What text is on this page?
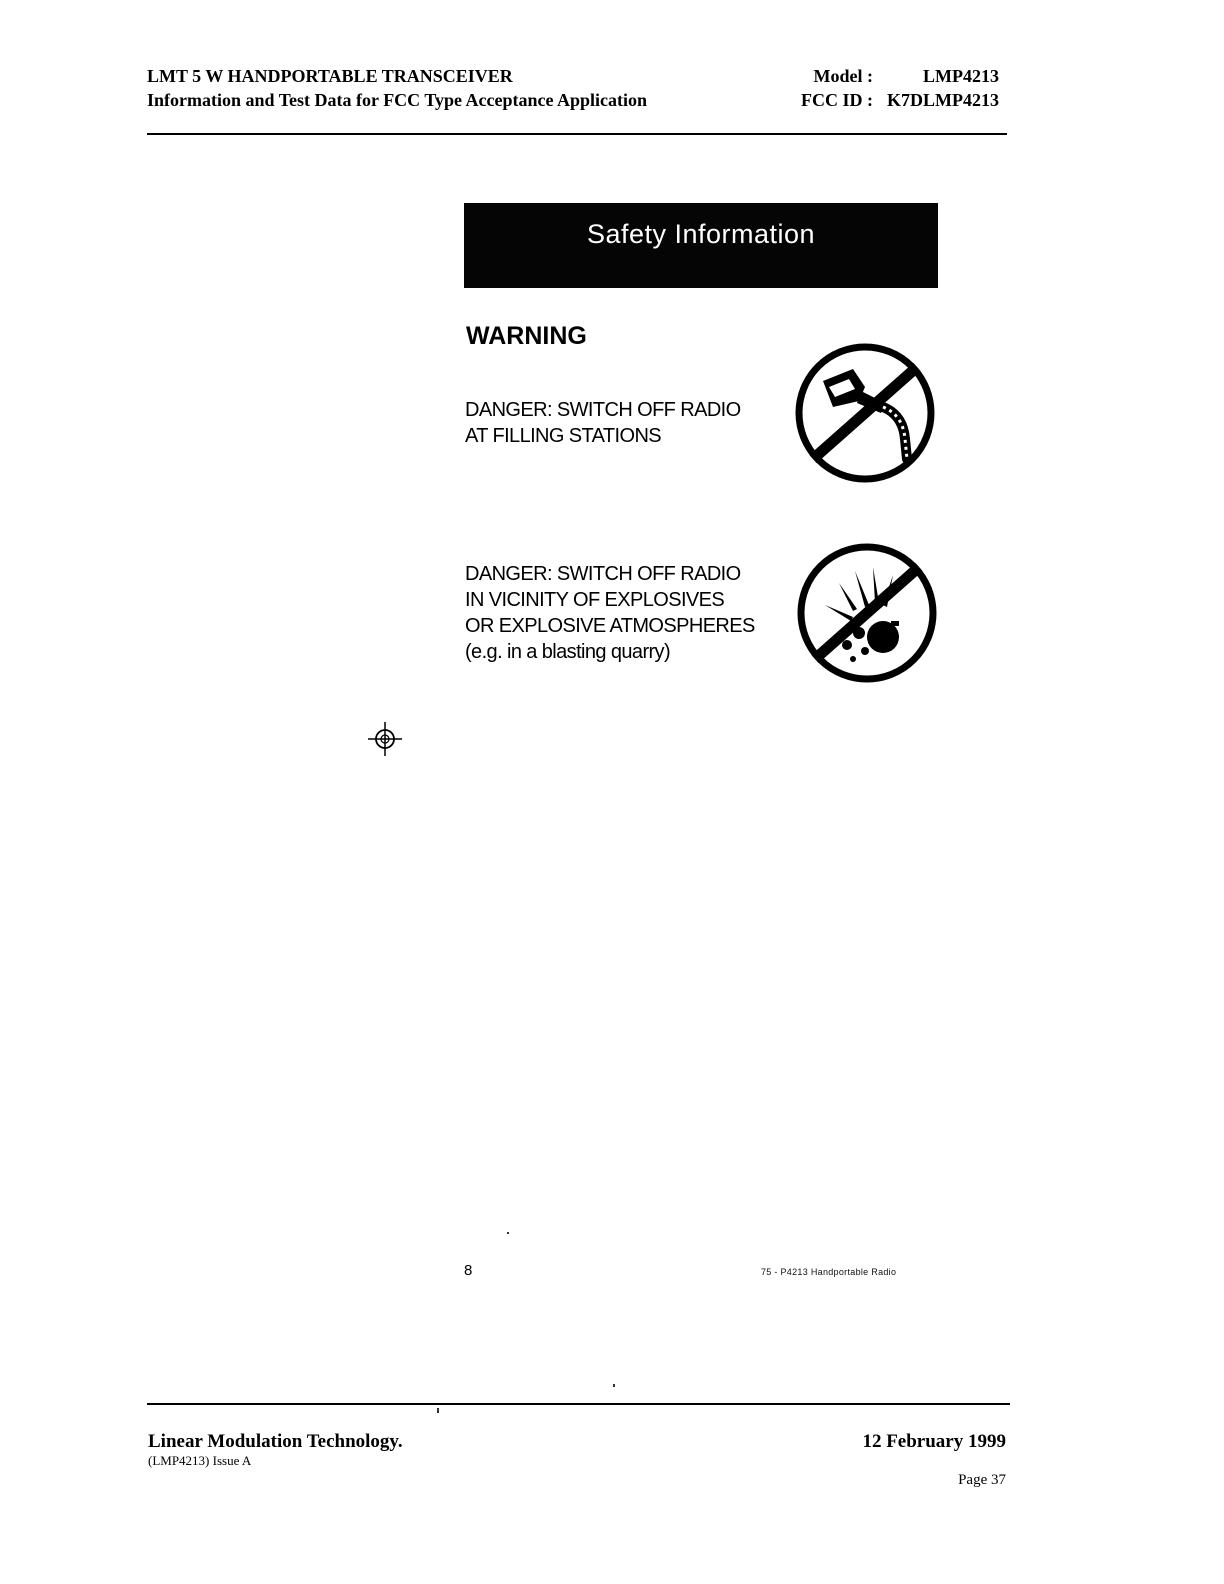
LMT 5 W HANDPORTABLE TRANSCEIVER
Information and Test Data for FCC Type Acceptance Application
Model :	LMP4213
FCC ID : K7DLMP4213
Safety Information
WARNING
DANGER: SWITCH OFF RADIO
AT FILLING STATIONS
DANGER: SWITCH OFF RADIO
IN VICINITY OF EXPLOSIVES
OR EXPLOSIVE ATMOSPHERES
(e.g. in a blasting quarry)
8	75 - P4213 Handportable Radio
Linear Modulation Technology.
(LMP4213) Issue A
12 February 1999
Page 37
